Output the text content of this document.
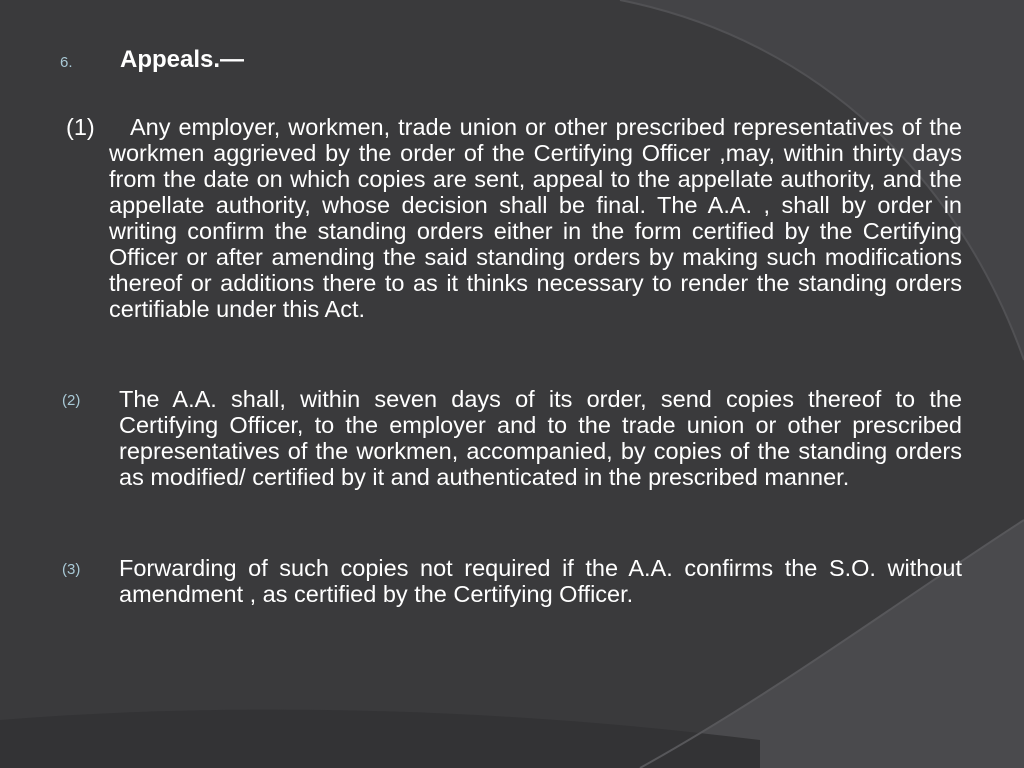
6. Appeals.—
(1)	Any employer, workmen, trade union or other prescribed representatives of the workmen aggrieved by the order of the Certifying Officer ,may, within thirty days from the date on which copies are sent, appeal to the appellate authority, and the appellate authority, whose decision shall be final. The A.A. , shall by order in writing confirm the standing orders either in the form certified by the Certifying Officer or after amending the said standing orders by making such modifications thereof or additions there to as it thinks necessary to render the standing orders certifiable under this Act.
(2) The A.A. shall, within seven days of its order, send copies thereof to the Certifying Officer, to the employer and to the trade union or other prescribed representatives of the workmen, accompanied, by copies of the standing orders as modified/ certified by it and authenticated in the prescribed manner.
(3) Forwarding of such copies not required if the A.A. confirms the S.O. without amendment , as certified by the Certifying Officer.
